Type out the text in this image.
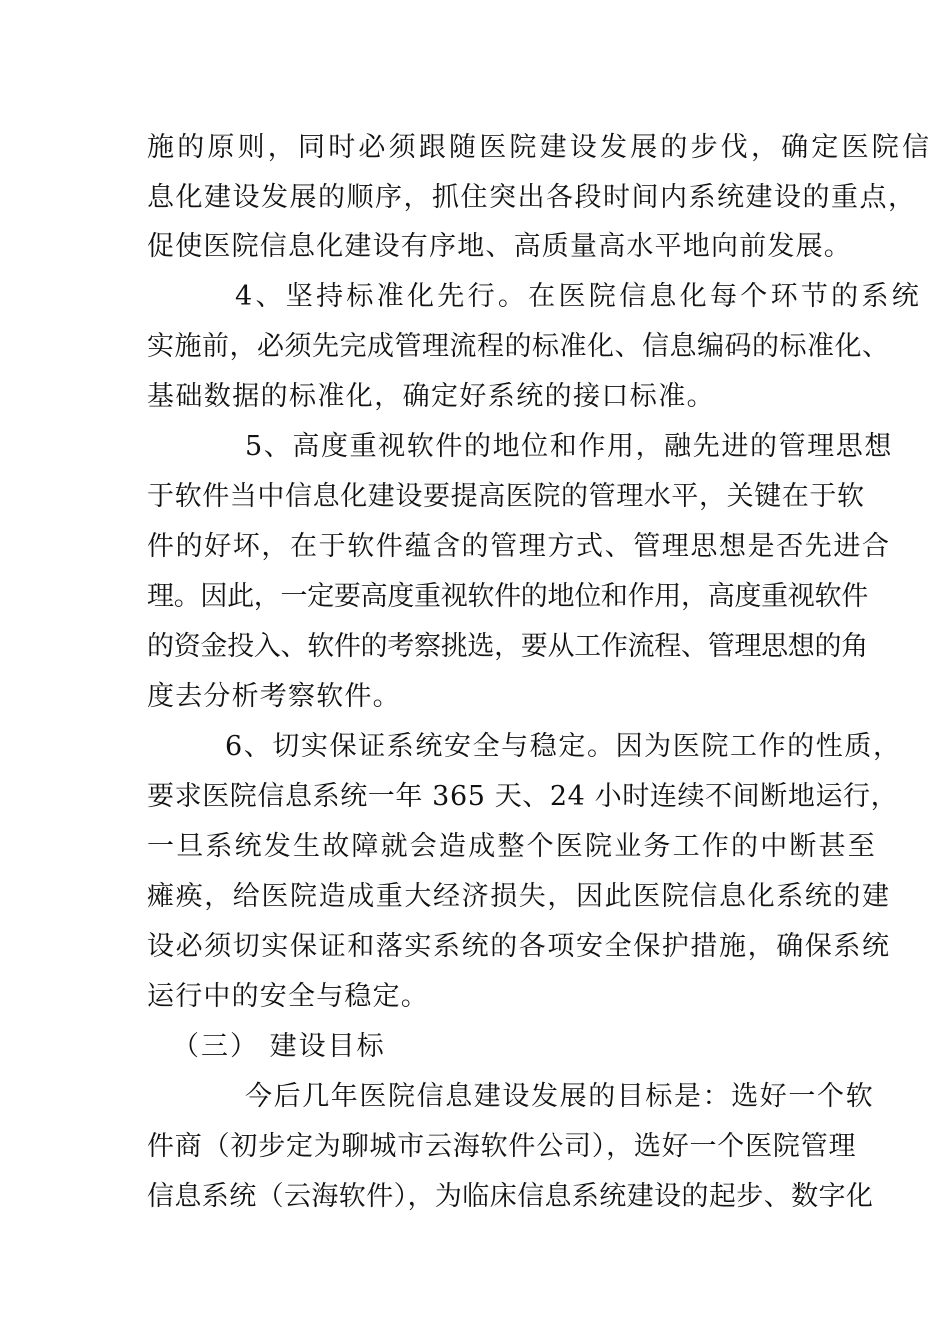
施的原则，同时必须跟随医院建设发展的步伐，确定医院信
息化建设发展的顺序，抓住突出各段时间内系统建设的重点，
促使医院信息化建设有序地、高质量高水平地向前发展。
4、坚持标准化先行。在医院信息化每个环节的系统
实施前，必须先完成管理流程的标准化、信息编码的标准化、
基础数据的标准化，确定好系统的接口标准。
5、高度重视软件的地位和作用，融先进的管理思想
于软件当中信息化建设要提高医院的管理水平，关键在于软
件的好坏，在于软件蕴含的管理方式、管理思想是否先进合
理。因此，一定要高度重视软件的地位和作用，高度重视软件
的资金投入、软件的考察挑选，要从工作流程、管理思想的角
度去分析考察软件。
6、切实保证系统安全与稳定。因为医院工作的性质，
要求医院信息系统一年 365 天、24 小时连续不间断地运行，
一旦系统发生故障就会造成整个医院业务工作的中断甚至
瘫痪，给医院造成重大经济损失，因此医院信息化系统的建
设必须切实保证和落实系统的各项安全保护措施，确保系统
运行中的安全与稳定。
（三） 建设目标
今后几年医院信息建设发展的目标是：选好一个软
件商（初步定为聊城市云海软件公司），选好一个医院管理
信息系统（云海软件），为临床信息系统建设的起步、数字化
